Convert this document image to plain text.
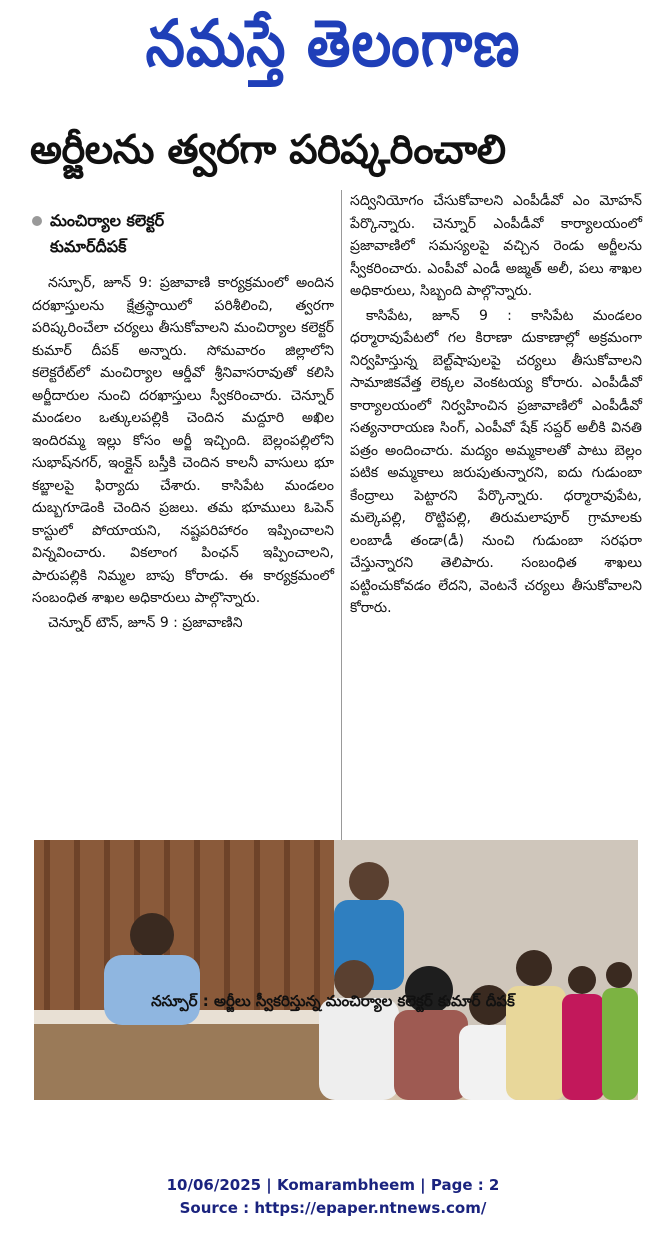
నమస్తే తెలంగాణ
అర్జీలను త్వరగా పరిష్కరించాలి
మంచిర్యాల కలెక్టర్
కుమార్‌దీపక్

నస్పూర్, జూన్ 9: ప్రజావాణి కార్యక్రమంలో అందిన దరఖాస్తులను క్షేత్రస్థాయిలో పరిశీలించి, త్వరగా పరిష్కరించేలా చర్యలు తీసుకోవాలని మంచిర్యాల కలెక్టర్ కుమార్ దీపక్ అన్నారు. సోమవారం జిల్లాలోని కలెక్టరేట్‌లో మంచిర్యాల ఆర్డీవో శ్రీనివాసరావుతో కలిసి అర్జీదారుల నుంచి దరఖాస్తులు స్వీకరించారు. చెన్నూర్ మండలం ఒత్కులపల్లికి చెందిన మద్దూరి అఖిల ఇందిరమ్మ ఇల్లు కోసం అర్జీ ఇచ్చింది. బెల్లంపల్లిలోని సుభాష్‌నగర్, ఇంక్లైన్ బస్తీకి చెందిన కాలనీ వాసులు భూ కబ్జాలపై ఫిర్యాదు చేశారు. కాసిపేట మండలం దుబ్బగూడెంకి చెందిన ప్రజలు. తమ భూములు ఓపెన్ కాస్టులో పోయాయని, నష్టపరిహారం ఇప్పించాలని విన్నవించారు. వికలాంగ పింఛన్ ఇప్పించాలని, పారుపల్లికి నిమ్మల బాపు కోరాడు. ఈ కార్యక్రమంలో సంబంధిత శాఖల అధికారులు పాల్గొన్నారు.

చెన్నూర్ టౌన్, జూన్ 9 : ప్రజావాణిని

సద్వినియోగం చేసుకోవాలని ఎంపీడీవో ఎం మోహన్ పేర్కొన్నారు. చెన్నూర్ ఎంపీడీవో కార్యాలయంలో ప్రజావాణిలో సమస్యలపై వచ్చిన రెండు అర్జీలను స్వీకరించారు. ఎంపీవో ఎండీ అజ్మత్ అలీ, పలు శాఖల అధికారులు, సిబ్బంది పాల్గొన్నారు.

కాసిపేట, జూన్ 9 : కాసిపేట మండలం ధర్మారావుపేటలో గల కిరాణా దుకాణాల్లో అక్రమంగా నిర్వహిస్తున్న బెల్ట్‌షాపులపై చర్యలు తీసుకోవాలని సామాజికవేత్త లెక్కల వెంకటయ్య కోరారు. ఎంపీడీవో కార్యాలయంలో నిర్వహించిన ప్రజావాణిలో ఎంపీడీవో సత్యనారాయణ సింగ్, ఎంపీవో షేక్ సప్దర్ అలీకి వినతి పత్రం అందించారు. మద్యం అమ్మకాలతో పాటు బెల్లం పటిక అమ్మకాలు జరుపుతున్నారని, ఐదు గుడుంబా కేంద్రాలు పెట్టారని పేర్కొన్నారు. ధర్మారావుపేట, మల్కెపల్లి, రొట్టిపల్లి, తిరుమలాపూర్ గ్రామాలకు లంబాడీ తండా(డీ) నుంచి గుడుంబా సరఫరా చేస్తున్నారని తెలిపారు. సంబంధిత శాఖలు పట్టించుకోవడం లేదని, వెంటనే చర్యలు తీసుకోవాలని కోరారు.

నస్పూర్ : అర్జీలు స్వీకరిస్తున్న మంచిర్యాల కలెక్టర్ కుమార్ దీపక్
10/06/2025 | Komarambheem | Page : 2
Source : https://epaper.ntnews.com/
